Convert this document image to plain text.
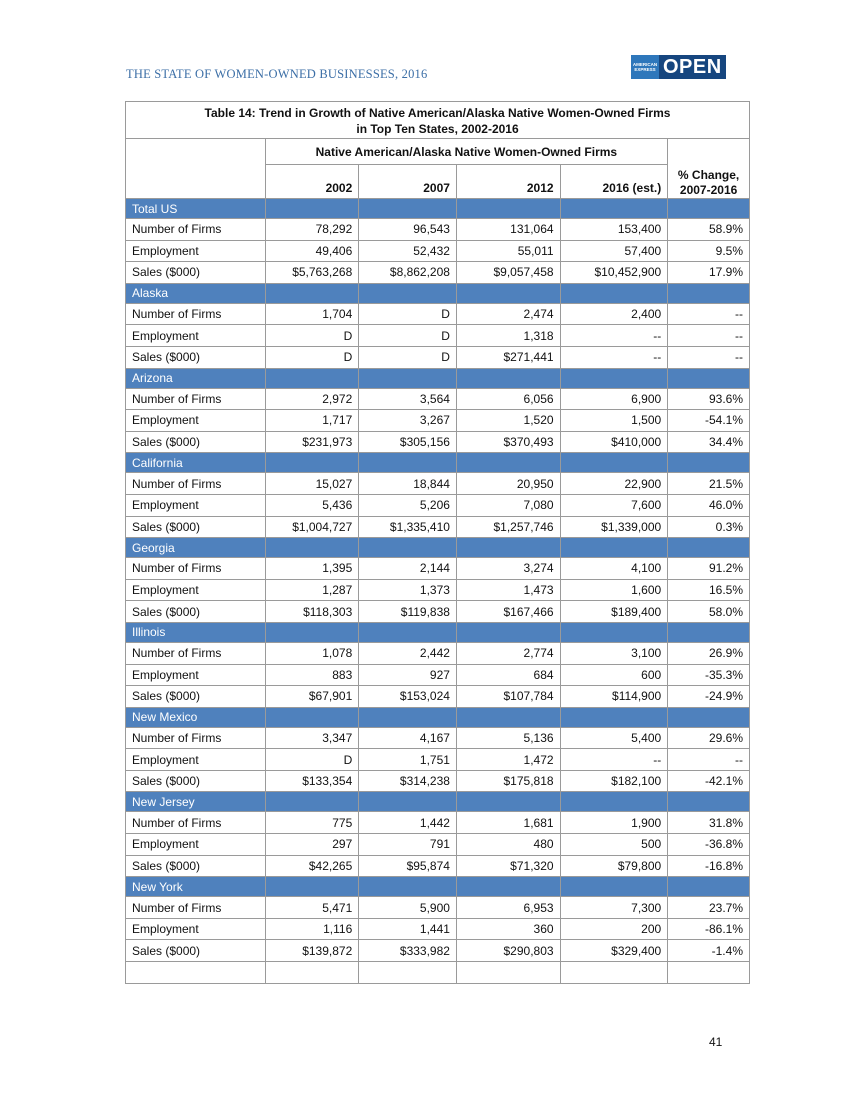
THE STATE OF WOMEN-OWNED BUSINESSES, 2016
AMERICAN EXPRESS OPEN
Table 14: Trend in Growth of Native American/Alaska Native Women-Owned Firms
in Top Ten States, 2002-2016					
	Native American/Alaska Native Women-Owned Firms				% Change,
2007-2016
	2002	2007	2012	2016 (est.)	
Total US					
Number of Firms	78,292	96,543	131,064	153,400	58.9%
Employment	49,406	52,432	55,011	57,400	9.5%
Sales ($000)	$5,763,268	$8,862,208	$9,057,458	$10,452,900	17.9%
Alaska					
Number of Firms	1,704	D	2,474	2,400	--
Employment	D	D	1,318	--	--
Sales ($000)	D	D	$271,441	--	--
Arizona					
Number of Firms	2,972	3,564	6,056	6,900	93.6%
Employment	1,717	3,267	1,520	1,500	-54.1%
Sales ($000)	$231,973	$305,156	$370,493	$410,000	34.4%
California					
Number of Firms	15,027	18,844	20,950	22,900	21.5%
Employment	5,436	5,206	7,080	7,600	46.0%
Sales ($000)	$1,004,727	$1,335,410	$1,257,746	$1,339,000	0.3%
Georgia					
Number of Firms	1,395	2,144	3,274	4,100	91.2%
Employment	1,287	1,373	1,473	1,600	16.5%
Sales ($000)	$118,303	$119,838	$167,466	$189,400	58.0%
Illinois					
Number of Firms	1,078	2,442	2,774	3,100	26.9%
Employment	883	927	684	600	-35.3%
Sales ($000)	$67,901	$153,024	$107,784	$114,900	-24.9%
New Mexico					
Number of Firms	3,347	4,167	5,136	5,400	29.6%
Employment	D	1,751	1,472	--	--
Sales ($000)	$133,354	$314,238	$175,818	$182,100	-42.1%
New Jersey					
Number of Firms	775	1,442	1,681	1,900	31.8%
Employment	297	791	480	500	-36.8%
Sales ($000)	$42,265	$95,874	$71,320	$79,800	-16.8%
New York					
Number of Firms	5,471	5,900	6,953	7,300	23.7%
Employment	1,116	1,441	360	200	-86.1%
Sales ($000)	$139,872	$333,982	$290,803	$329,400	-1.4%

41
